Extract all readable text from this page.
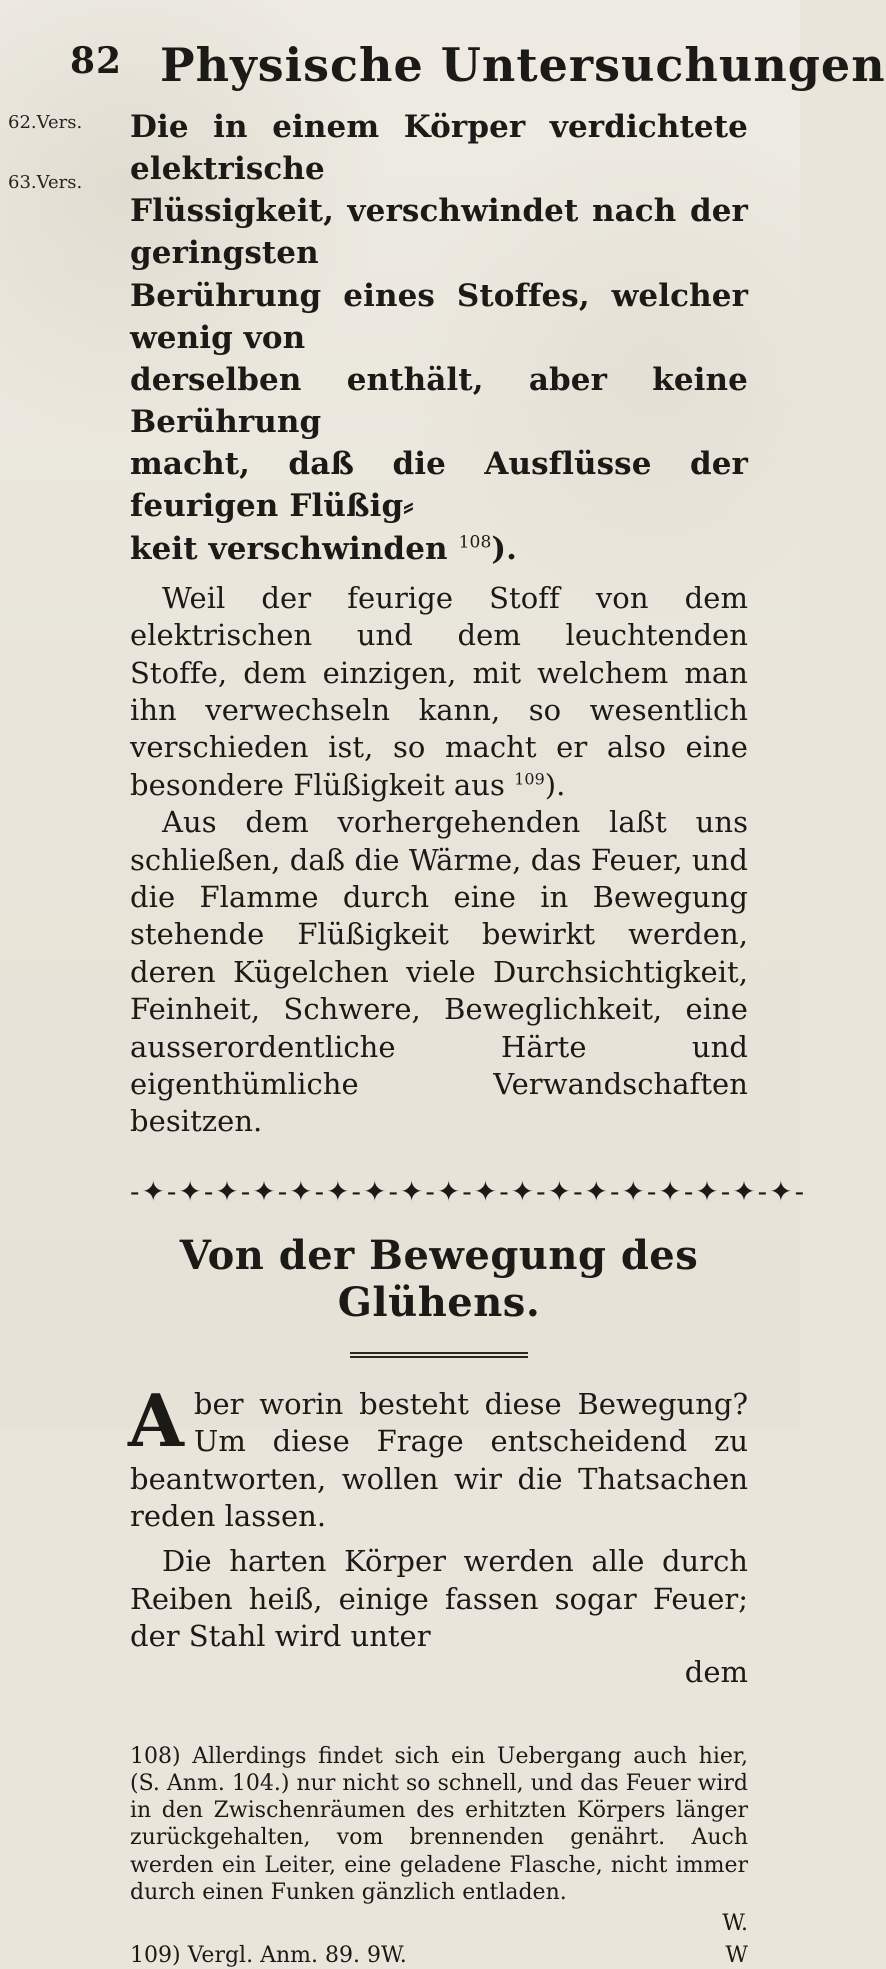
82 Physische Untersuchungen
62.Vers.
63.Vers.
Die in einem Körper verdichtete elektrische
Flüssigkeit, verschwindet nach der geringsten
Berührung eines Stoffes, welcher wenig von
derselben enthält, aber keine Berührung
macht, daß die Ausflüsse der feurigen Flüßig⸗
keit verschwinden $^{108}$).

Weil der feurige Stoff von dem elektrischen und dem leuchtenden Stoffe, dem einzigen, mit welchem man ihn verwechseln kann, so wesentlich verschieden ist, so macht er also eine besondere Flüßigkeit aus $^{109}$).

Aus dem vorhergehenden laßt uns schließen, daß die Wärme, das Feuer, und die Flamme durch eine in Bewegung stehende Flüßigkeit bewirkt werden, deren Kügelchen viele Durchsichtigkeit, Feinheit, Schwere, Beweglichkeit, eine ausserordentliche Härte und eigenthümliche Verwandschaften besitzen.

-✦-✦-✦-✦-✦-✦-✦-✦-✦-✦-✦-✦-✦-✦-✦-✦-✦-✦-
Von der Bewegung des Glühens.
A ber worin besteht diese Bewegung? Um diese Frage entscheidend zu beantworten, wollen wir die Thatsachen reden lassen.

Die harten Körper werden alle durch Reiben heiß, einige fassen sogar Feuer; der Stahl wird unter

dem

108) Allerdings findet sich ein Uebergang auch hier, (S. Anm. 104.) nur nicht so schnell, und das Feuer wird in den Zwischenräumen des erhitzten Körpers länger zurückgehalten, vom brennenden genährt. Auch werden ein Leiter, eine geladene Flasche, nicht immer durch einen Funken gänzlich entladen.

W.
109) Vergl. Anm. 89. 9W.	W
